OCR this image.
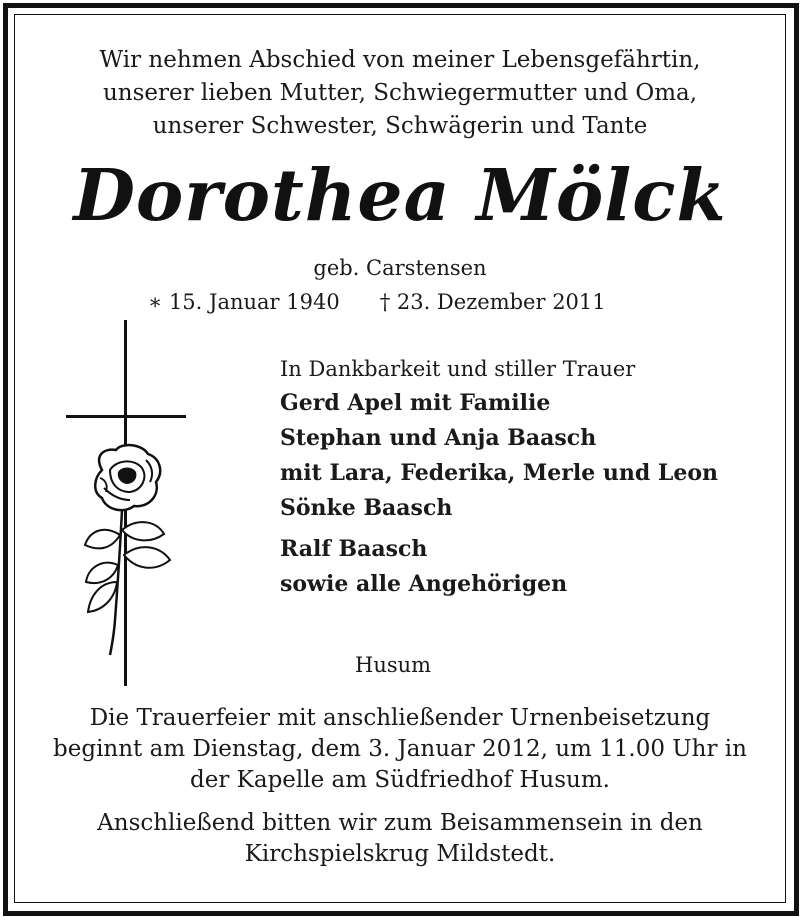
Wir nehmen Abschied von meiner Lebensgefährtin,
unserer lieben Mutter, Schwiegermutter und Oma,
unserer Schwester, Schwägerin und Tante
Dorothea Mölck
geb. Carstensen
∗ 15. Januar 1940 † 23. Dezember 2011
In Dankbarkeit und stiller Trauer
Gerd Apel mit Familie
Stephan und Anja Baasch
mit Lara, Federika, Merle und Leon
Sönke Baasch
Ralf Baasch
sowie alle Angehörigen
Husum
Die Trauerfeier mit anschließender Urnenbeisetzung
beginnt am Dienstag, dem 3. Januar 2012, um 11.00 Uhr in
der Kapelle am Südfriedhof Husum.
Anschließend bitten wir zum Beisammensein in den
Kirchspielskrug Mildstedt.
